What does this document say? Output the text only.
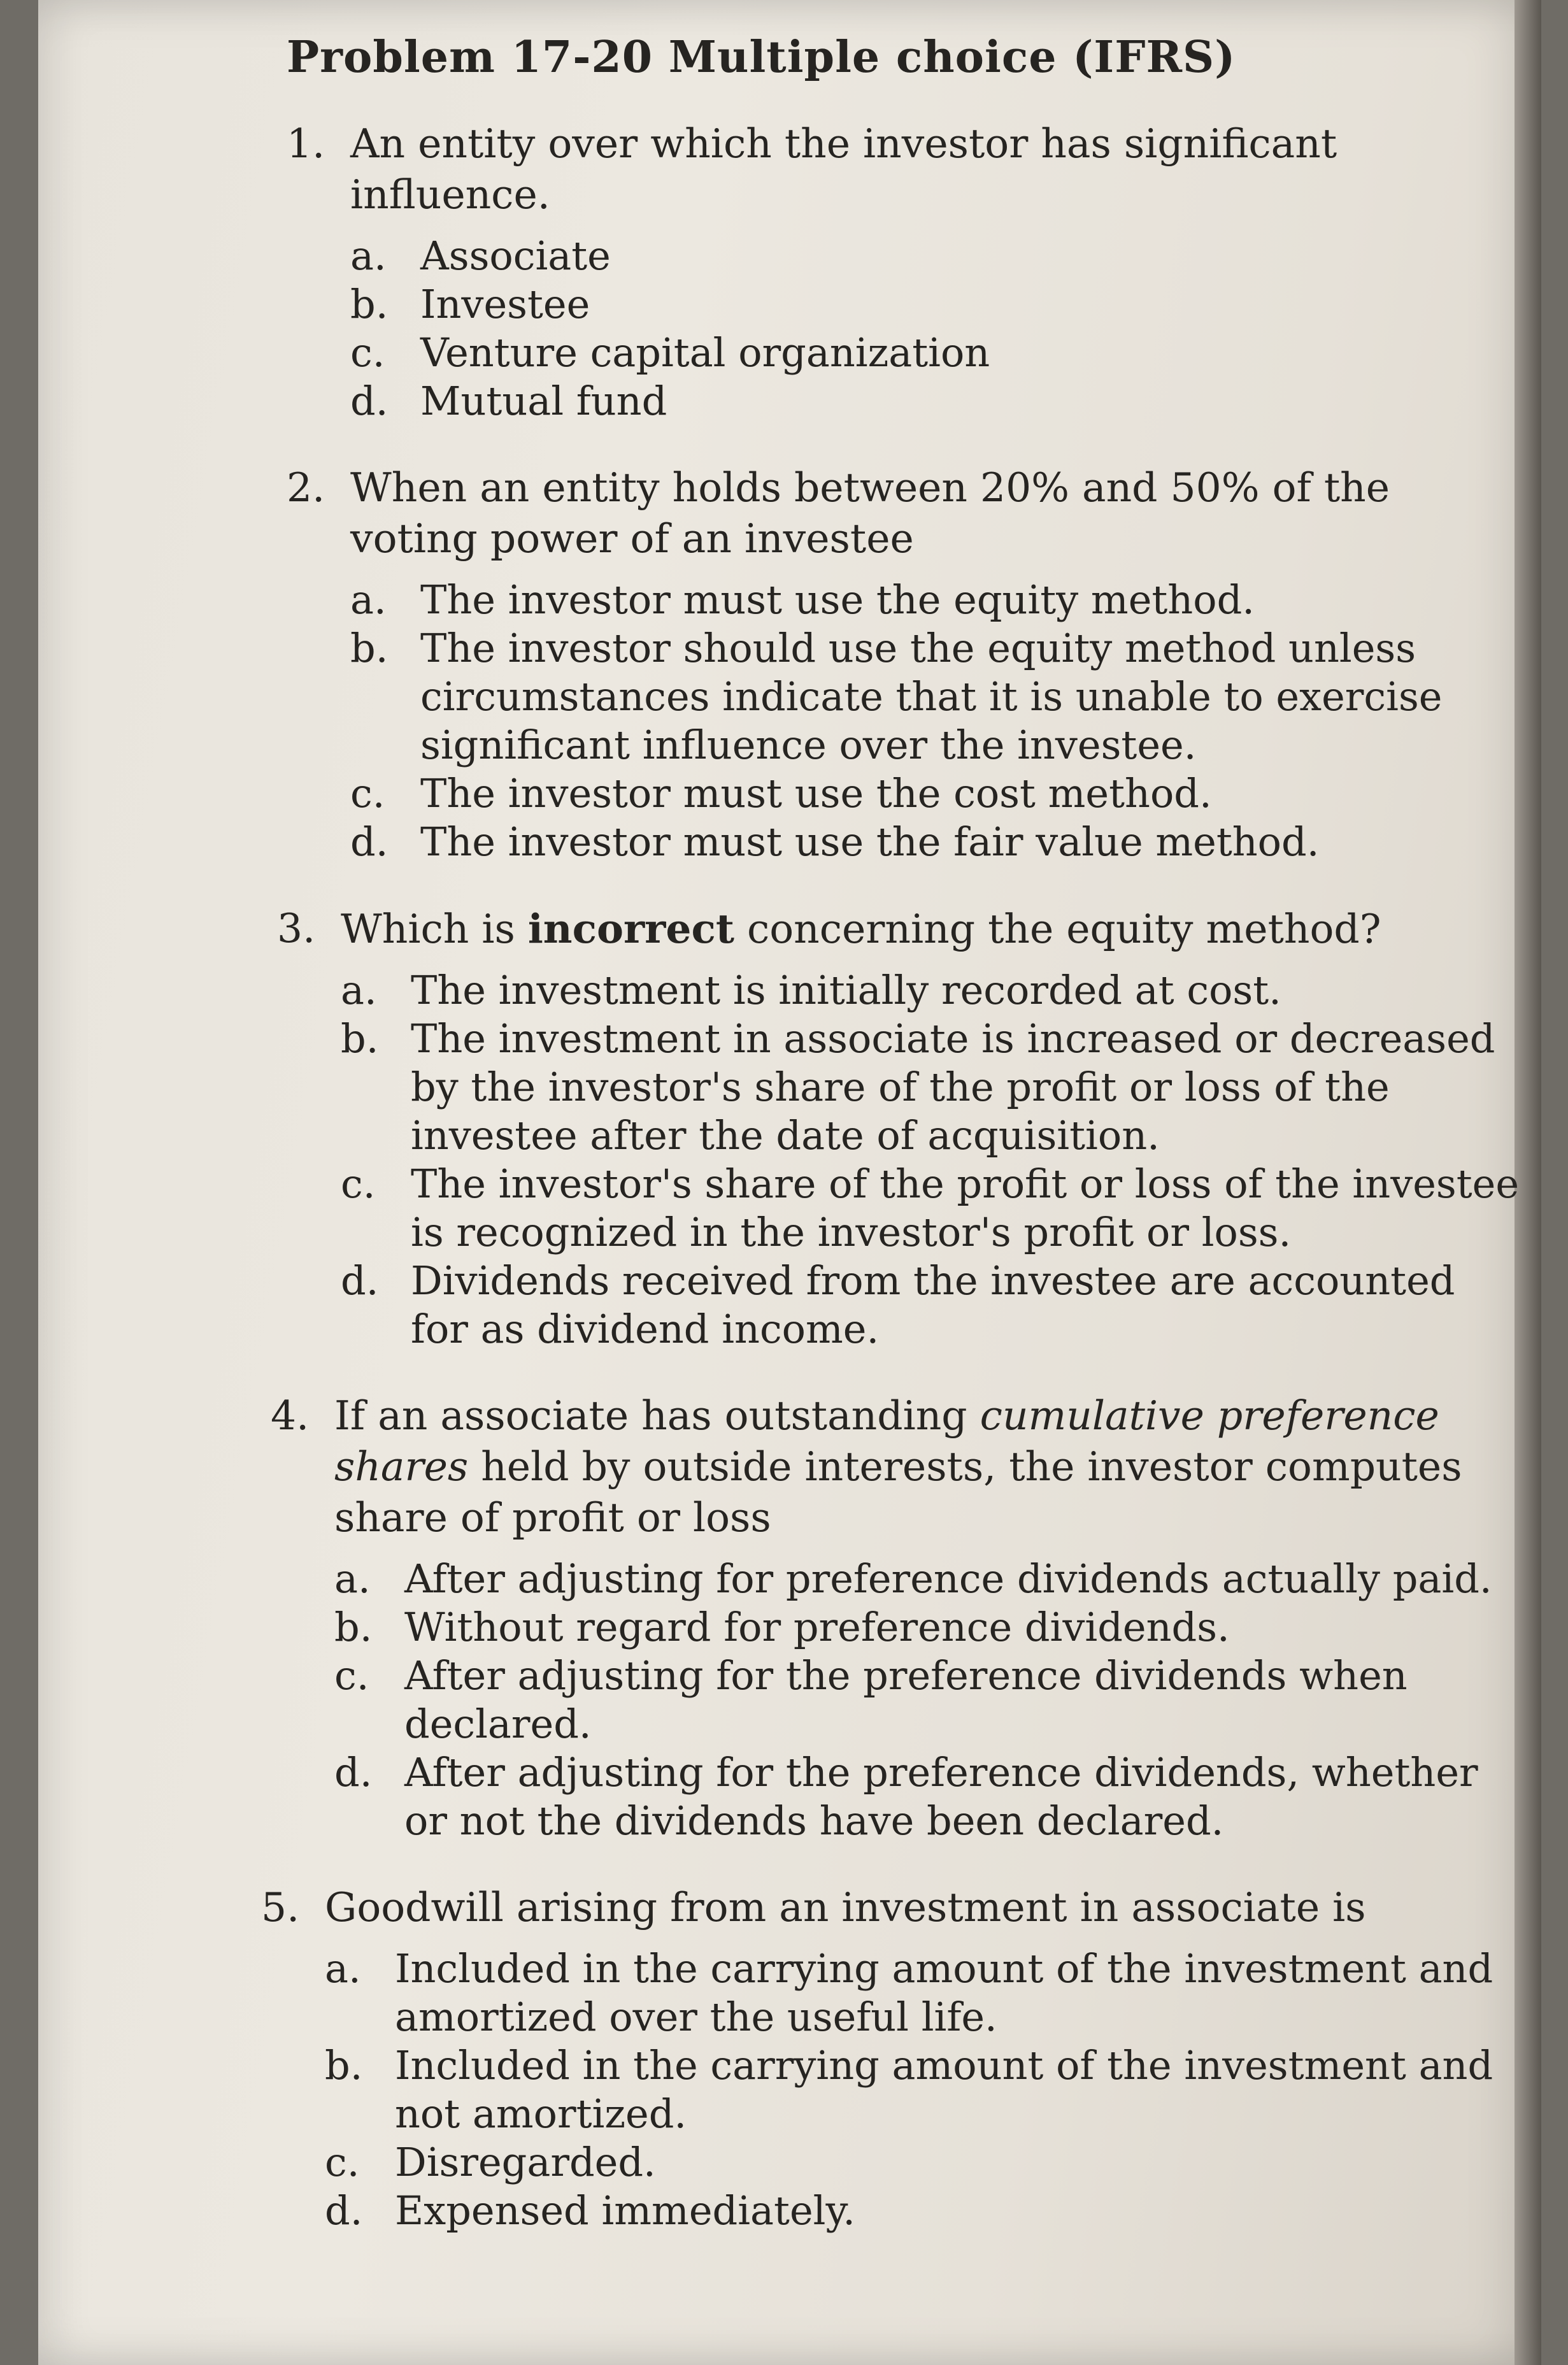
Problem 17-20 Multiple choice (IFRS)
1. An entity over which the investor has significant influence.
a. Associate
b. Investee
c. Venture capital organization
d. Mutual fund
2. When an entity holds between 20% and 50% of the voting power of an investee
a. The investor must use the equity method.
b. The investor should use the equity method unless circumstances indicate that it is unable to exercise significant influence over the investee.
c. The investor must use the cost method.
d. The investor must use the fair value method.
3. Which is incorrect concerning the equity method?
a. The investment is initially recorded at cost.
b. The investment in associate is increased or decreased by the investor's share of the profit or loss of the investee after the date of acquisition.
c. The investor's share of the profit or loss of the investee is recognized in the investor's profit or loss.
d. Dividends received from the investee are accounted for as dividend income.
4. If an associate has outstanding cumulative preference shares held by outside interests, the investor computes share of profit or loss
a. After adjusting for preference dividends actually paid.
b. Without regard for preference dividends.
c. After adjusting for the preference dividends when declared.
d. After adjusting for the preference dividends, whether or not the dividends have been declared.
5. Goodwill arising from an investment in associate is
a. Included in the carrying amount of the investment and amortized over the useful life.
b. Included in the carrying amount of the investment and not amortized.
c. Disregarded.
d. Expensed immediately.
